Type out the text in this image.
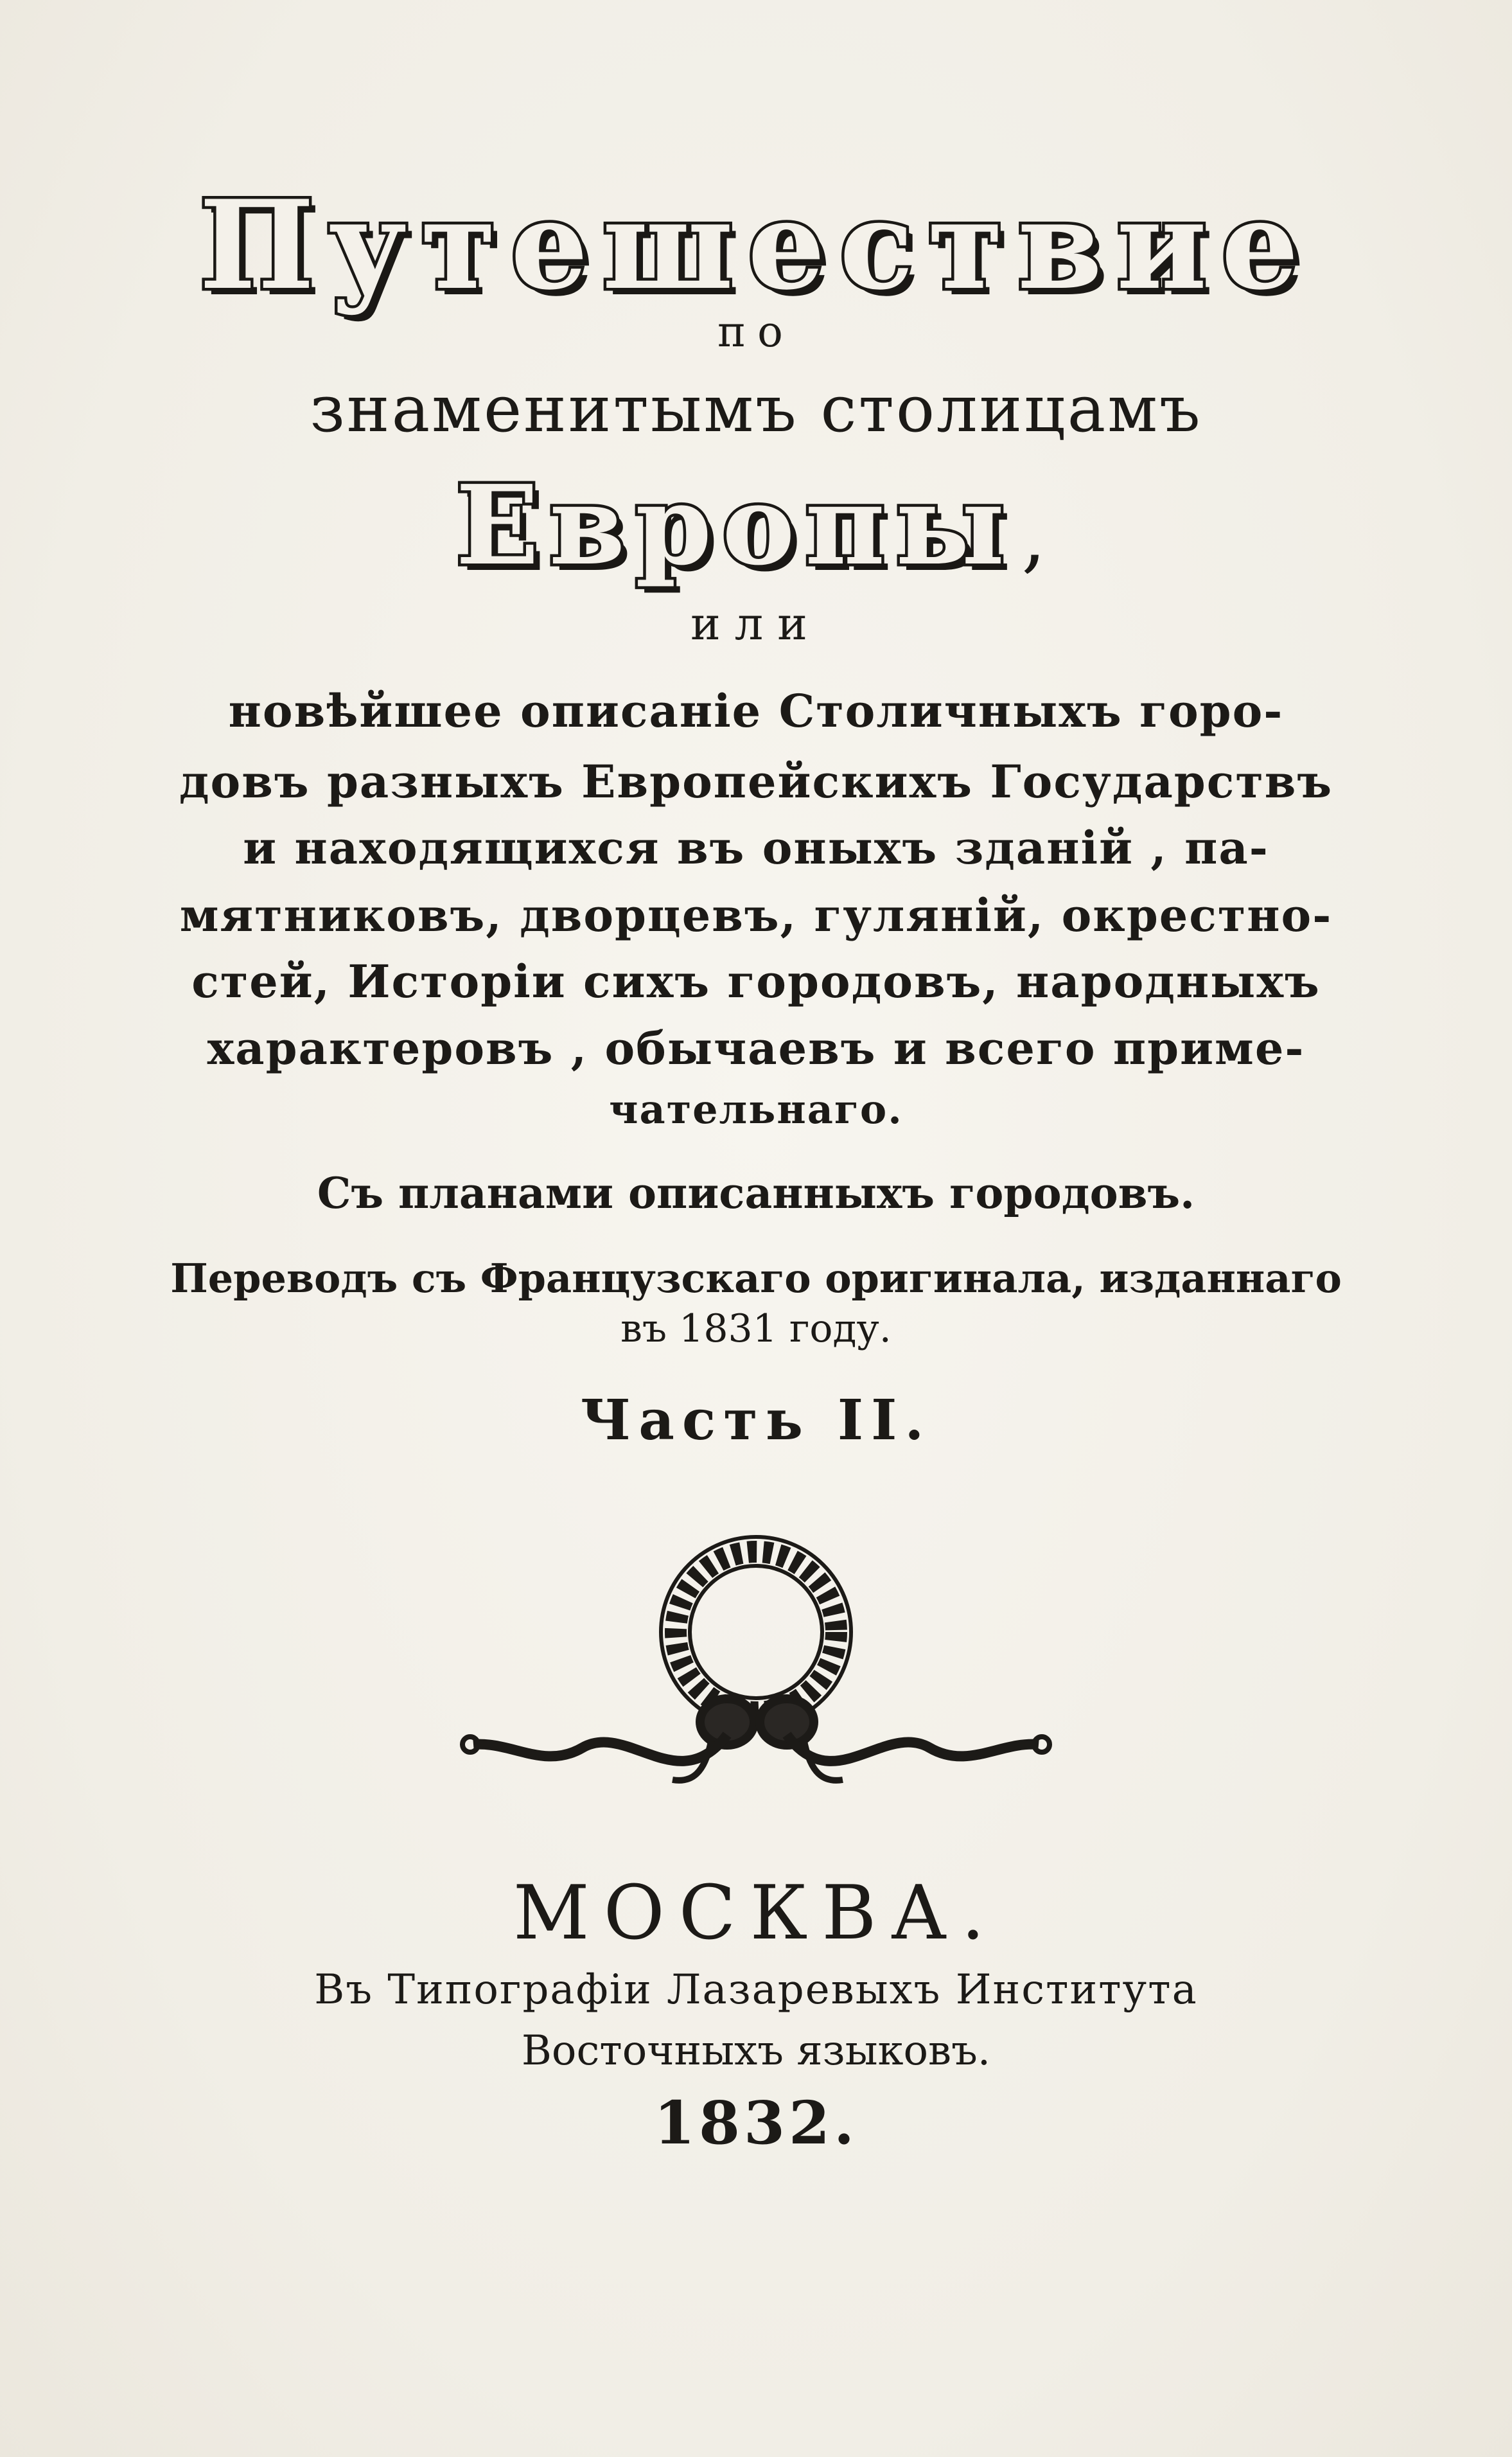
Путешествие
по
знаменитымъ столицамъ
Европы,
или
новѣйшее описаніе Столичныхъ горо-
довъ разныхъ Европейскихъ Государствъ
и находящихся въ оныхъ зданій , па-
мятниковъ, дворцевъ, гуляній, окрестно-
стей, Исторіи сихъ городовъ, народныхъ
характеровъ , обычаевъ и всего приме-
чательнаго.
Съ планами описанныхъ городовъ.
Переводъ съ Французскаго оригинала, изданнаго
въ 1831 году.
Часть II.
МОСКВА.
Въ Типографіи Лазаревыхъ Института
Восточныхъ языковъ.
1832.
